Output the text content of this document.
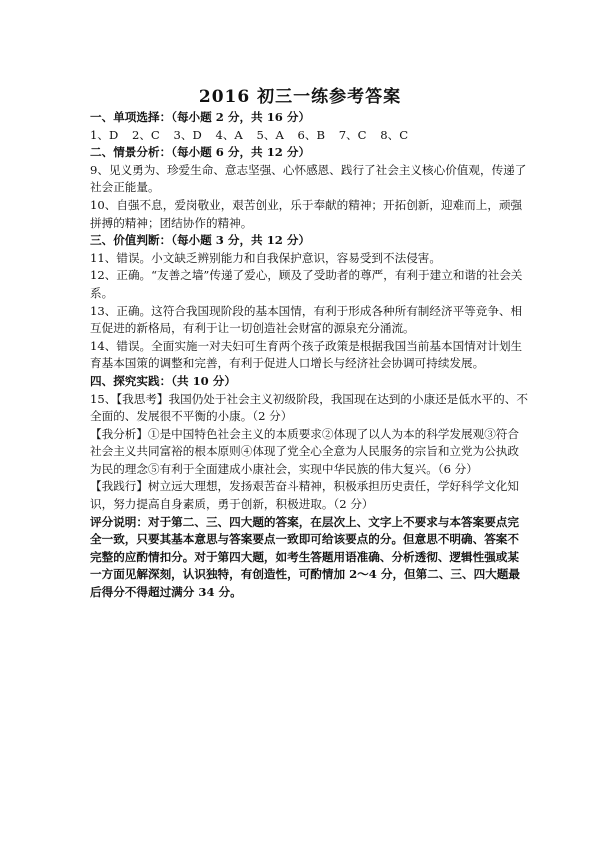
2016 初三一练参考答案
一、单项选择：（每小题 2 分，共 16 分）
1、D 2、C 3、D 4、A 5、A 6、B 7、C 8、C
二、情景分析：（每小题 6 分，共 12 分）
9、见义勇为、珍爱生命、意志坚强、心怀感恩、践行了社会主义核心价值观，传递了社会正能量。
10、自强不息，爱岗敬业，艰苦创业，乐于奉献的精神；开拓创新，迎难而上，顽强拼搏的精神；团结协作的精神。
三、价值判断：（每小题 3 分，共 12 分）
11、错误。小文缺乏辨别能力和自我保护意识，容易受到不法侵害。
12、正确。“友善之墙”传递了爱心，顾及了受助者的尊严，有利于建立和谐的社会关系。
13、正确。这符合我国现阶段的基本国情，有利于形成各种所有制经济平等竞争、相互促进的新格局，有利于让一切创造社会财富的源泉充分涌流。
14、错误。全面实施一对夫妇可生育两个孩子政策是根据我国当前基本国情对计划生育基本国策的调整和完善，有利于促进人口增长与经济社会协调可持续发展。
四、探究实践：（共 10 分）
15、【我思考】我国仍处于社会主义初级阶段，我国现在达到的小康还是低水平的、不全面的、发展很不平衡的小康。（2 分）
【我分析】①是中国特色社会主义的本质要求②体现了以人为本的科学发展观③符合社会主义共同富裕的根本原则④体现了党全心全意为人民服务的宗旨和立党为公执政为民的理念⑤有利于全面建成小康社会，实现中华民族的伟大复兴。（6 分）
【我践行】树立远大理想，发扬艰苦奋斗精神，积极承担历史责任，学好科学文化知识，努力提高自身素质，勇于创新，积极进取。（2 分）
评分说明：对于第二、三、四大题的答案，在层次上、文字上不要求与本答案要点完全一致，只要其基本意思与答案要点一致即可给该要点的分。但意思不明确、答案不完整的应酌情扣分。对于第四大题，如考生答题用语准确、分析透彻、逻辑性强或某一方面见解深刻，认识独特，有创造性，可酌情加 2～4 分，但第二、三、四大题最后得分不得超过满分 34 分。
